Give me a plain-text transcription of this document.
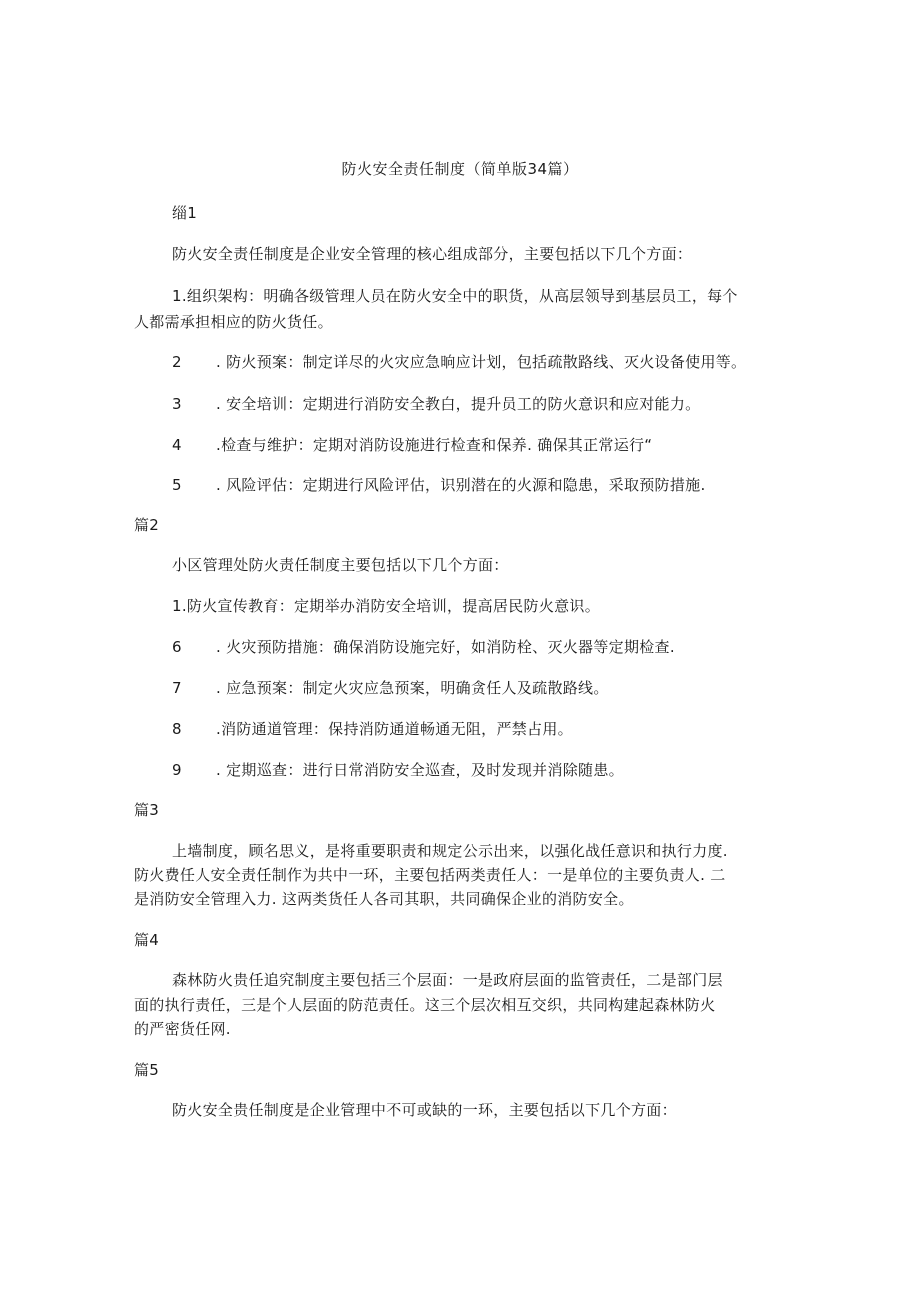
防火安全责任制度（简单版34篇）
缁1
防火安全责任制度是企业安全管理的核心组成部分，主要包括以下几个方面：
1.组织架构：明确各级管理人员在防火安全中的职货，从高层领导到基层员工，每个
人都需承担相应的防火货任。
2 . 防火预案：制定详尽的火灾应急晌应计划，包括疏散路线、灭火设备使用等。
3 . 安全培训：定期进行消防安全教白，提升员工的防火意识和应对能力。
4 .检查与维护：定期对消防设施进行检查和保养. 确保其正常运行“
5 . 风险评估：定期进行风险评估，识别潜在的火源和隐患，采取预防措施.
篇2
小区管理处防火责任制度主要包括以下几个方面：
1.防火宣传教育：定期举办消防安全培训，提高居民防火意识。
6 . 火灾预防措施：确保消防设施完好，如消防栓、灭火器等定期检查.
7 . 应急预案：制定火灾应急预案，明确贪任人及疏散路线。
8 .消防通道管理：保持消防通道畅通无阻，严禁占用。
9 . 定期巡查：进行日常消防安全巡查，及时发现并消除随患。
篇3
上墙制度，顾名思义，是将重要职责和规定公示出来，以强化战任意识和执行力度.
防火费任人安全责任制作为共中一环，主要包括两类责任人：一是单位的主要负责人. 二
是消防安全管理入力. 这两类货任人各司其职，共同确保企业的消防安全。
篇4
森林防火贵任追究制度主要包括三个层面：一是政府层面的监管责任，二是部门层
面的执行责任，三是个人层面的防范责任。这三个层次相互交织，共同构建起森林防火
的严密货任网.
篇5
防火安全贵任制度是企业管理中不可或缺的一环，主要包括以下几个方面：
